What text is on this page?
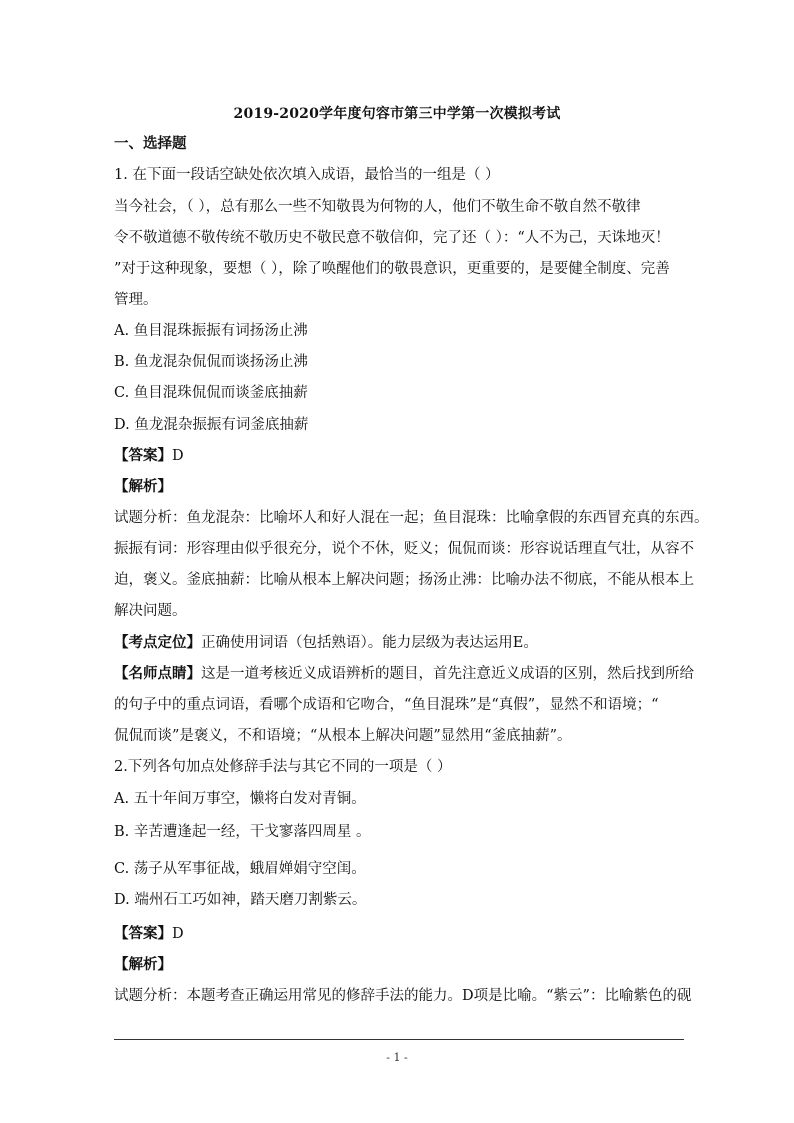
2019-2020学年度句容市第三中学第一次模拟考试
一、选择题
1. 在下面一段话空缺处依次填入成语，最恰当的一组是（ ）
当今社会，（ ），总有那么一些不知敬畏为何物的人，他们不敬生命不敬自然不敬律
令不敬道德不敬传统不敬历史不敬民意不敬信仰，完了还（ ）：“人不为己，天诛地灭！
”对于这种现象，要想（ ），除了唤醒他们的敬畏意识，更重要的，是要健全制度、完善
管理。
A. 鱼目混珠振振有词扬汤止沸
B. 鱼龙混杂侃侃而谈扬汤止沸
C. 鱼目混珠侃侃而谈釜底抽薪
D. 鱼龙混杂振振有词釜底抽薪
【答案】D
【解析】
试题分析：鱼龙混杂：比喻坏人和好人混在一起；鱼目混珠：比喻拿假的东西冒充真的东西。
振振有词：形容理由似乎很充分，说个不休，贬义；侃侃而谈：形容说话理直气壮，从容不
迫，褒义。釜底抽薪：比喻从根本上解决问题；扬汤止沸：比喻办法不彻底，不能从根本上
解决问题。
【考点定位】正确使用词语（包括熟语）。能力层级为表达运用E。
【名师点睛】这是一道考核近义成语辨析的题目，首先注意近义成语的区别，然后找到所给
的句子中的重点词语，看哪个成语和它吻合，“鱼目混珠”是“真假”，显然不和语境；“
侃侃而谈”是褒义，不和语境；“从根本上解决问题”显然用“釜底抽薪”。
2.下列各句加点处修辞手法与其它不同的一项是（ ）
A. 五十年间万事空，懒将白发对青铜。
B. 辛苦遭逢起一经，干戈寥落四周星 。
C. 荡子从军事征战，蛾眉婵娟守空闺。
D. 端州石工巧如神，踏天磨刀割紫云。
【答案】D
【解析】
试题分析：本题考查正确运用常见的修辞手法的能力。D项是比喻。“紫云”：比喻紫色的砚
- 1 -
